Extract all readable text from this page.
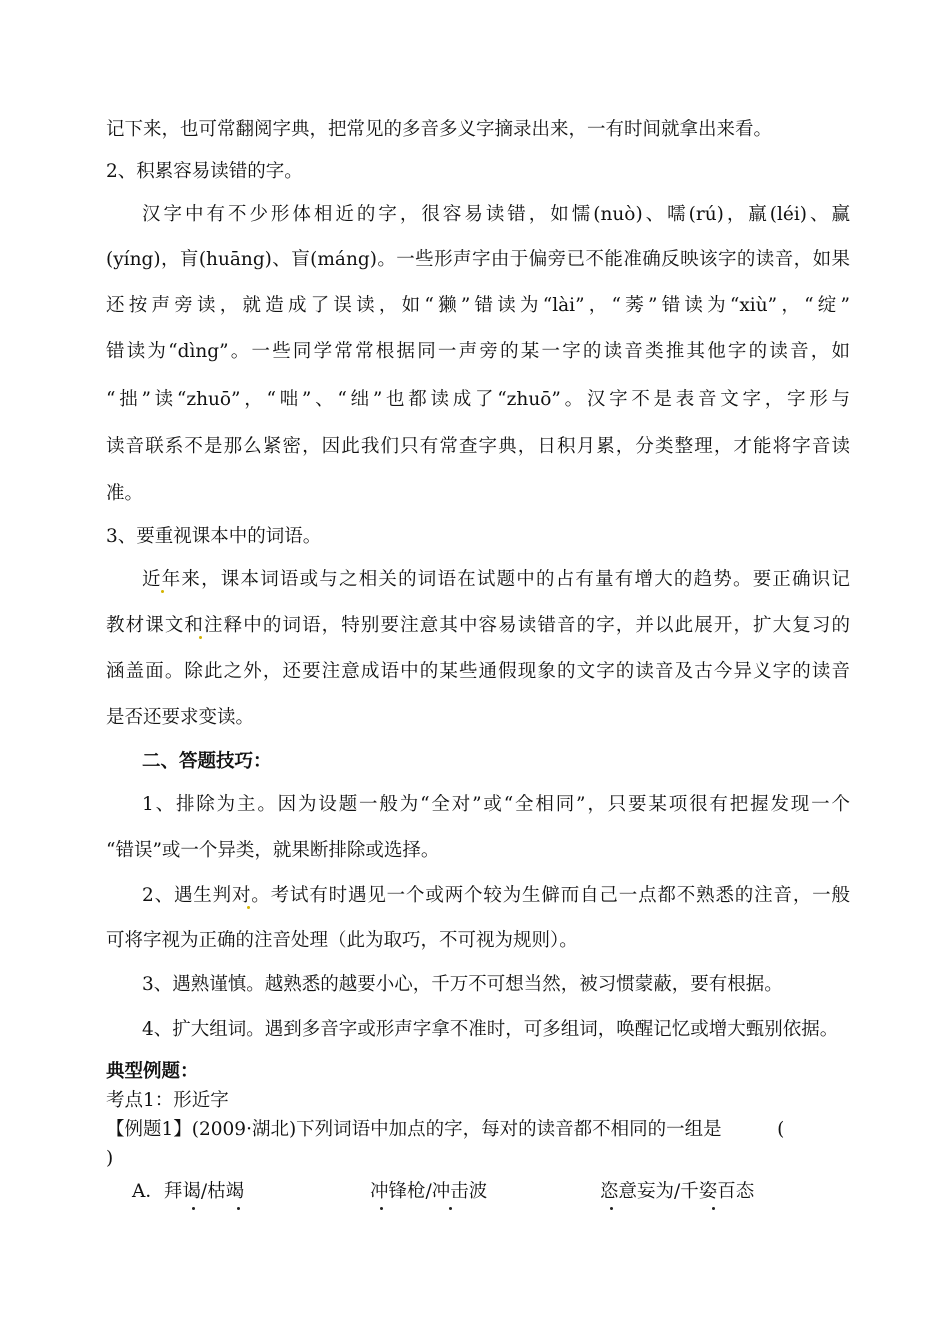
记下来，也可常翻阅字典，把常见的多音多义字摘录出来，一有时间就拿出来看。
2、积累容易读错的字。
汉字中有不少形体相近的字，很容易读错，如懦(nuò)、嚅(rú)，羸(léi)、赢
(yíng)，肓(huāng)、盲(máng)。一些形声字由于偏旁已不能准确反映该字的读音，如果
还按声旁读，就造成了误读，如“獭”错读为“lài”，“莠”错读为“xiù”，“绽”
错读为“dìng”。一些同学常常根据同一声旁的某一字的读音类推其他字的读音，如
“拙”读“zhuō”，“咄”、“绌”也都读成了“zhuō”。汉字不是表音文字，字形与
读音联系不是那么紧密，因此我们只有常查字典，日积月累，分类整理，才能将字音读
准。
3、要重视课本中的词语。
近年来，课本词语或与之相关的词语在试题中的占有量有增大的趋势。要正确识记
教材课文和注释中的词语，特别要注意其中容易读错音的字，并以此展开，扩大复习的
涵盖面。除此之外，还要注意成语中的某些通假现象的文字的读音及古今异义字的读音
是否还要求变读。
二、答题技巧：
1、排除为主。因为设题一般为“全对”或“全相同”，只要某项很有把握发现一个
“错误”或一个异类，就果断排除或选择。
2、遇生判对。考试有时遇见一个或两个较为生僻而自己一点都不熟悉的注音，一般
可将字视为正确的注音处理（此为取巧，不可视为规则）。
3、遇熟谨慎。越熟悉的越要小心，千万不可想当然，被习惯蒙蔽，要有根据。
4、扩大组词。遇到多音字或形声字拿不准时，可多组词，唤醒记忆或增大甄别依据。
典型例题：
考点1：形近字
【例题1】(2009·湖北)下列词语中加点的字，每对的读音都不相同的一组是　　　(
)
A．拜谒/枯竭	冲锋枪/冲击波	恣意妄为/千姿百态
